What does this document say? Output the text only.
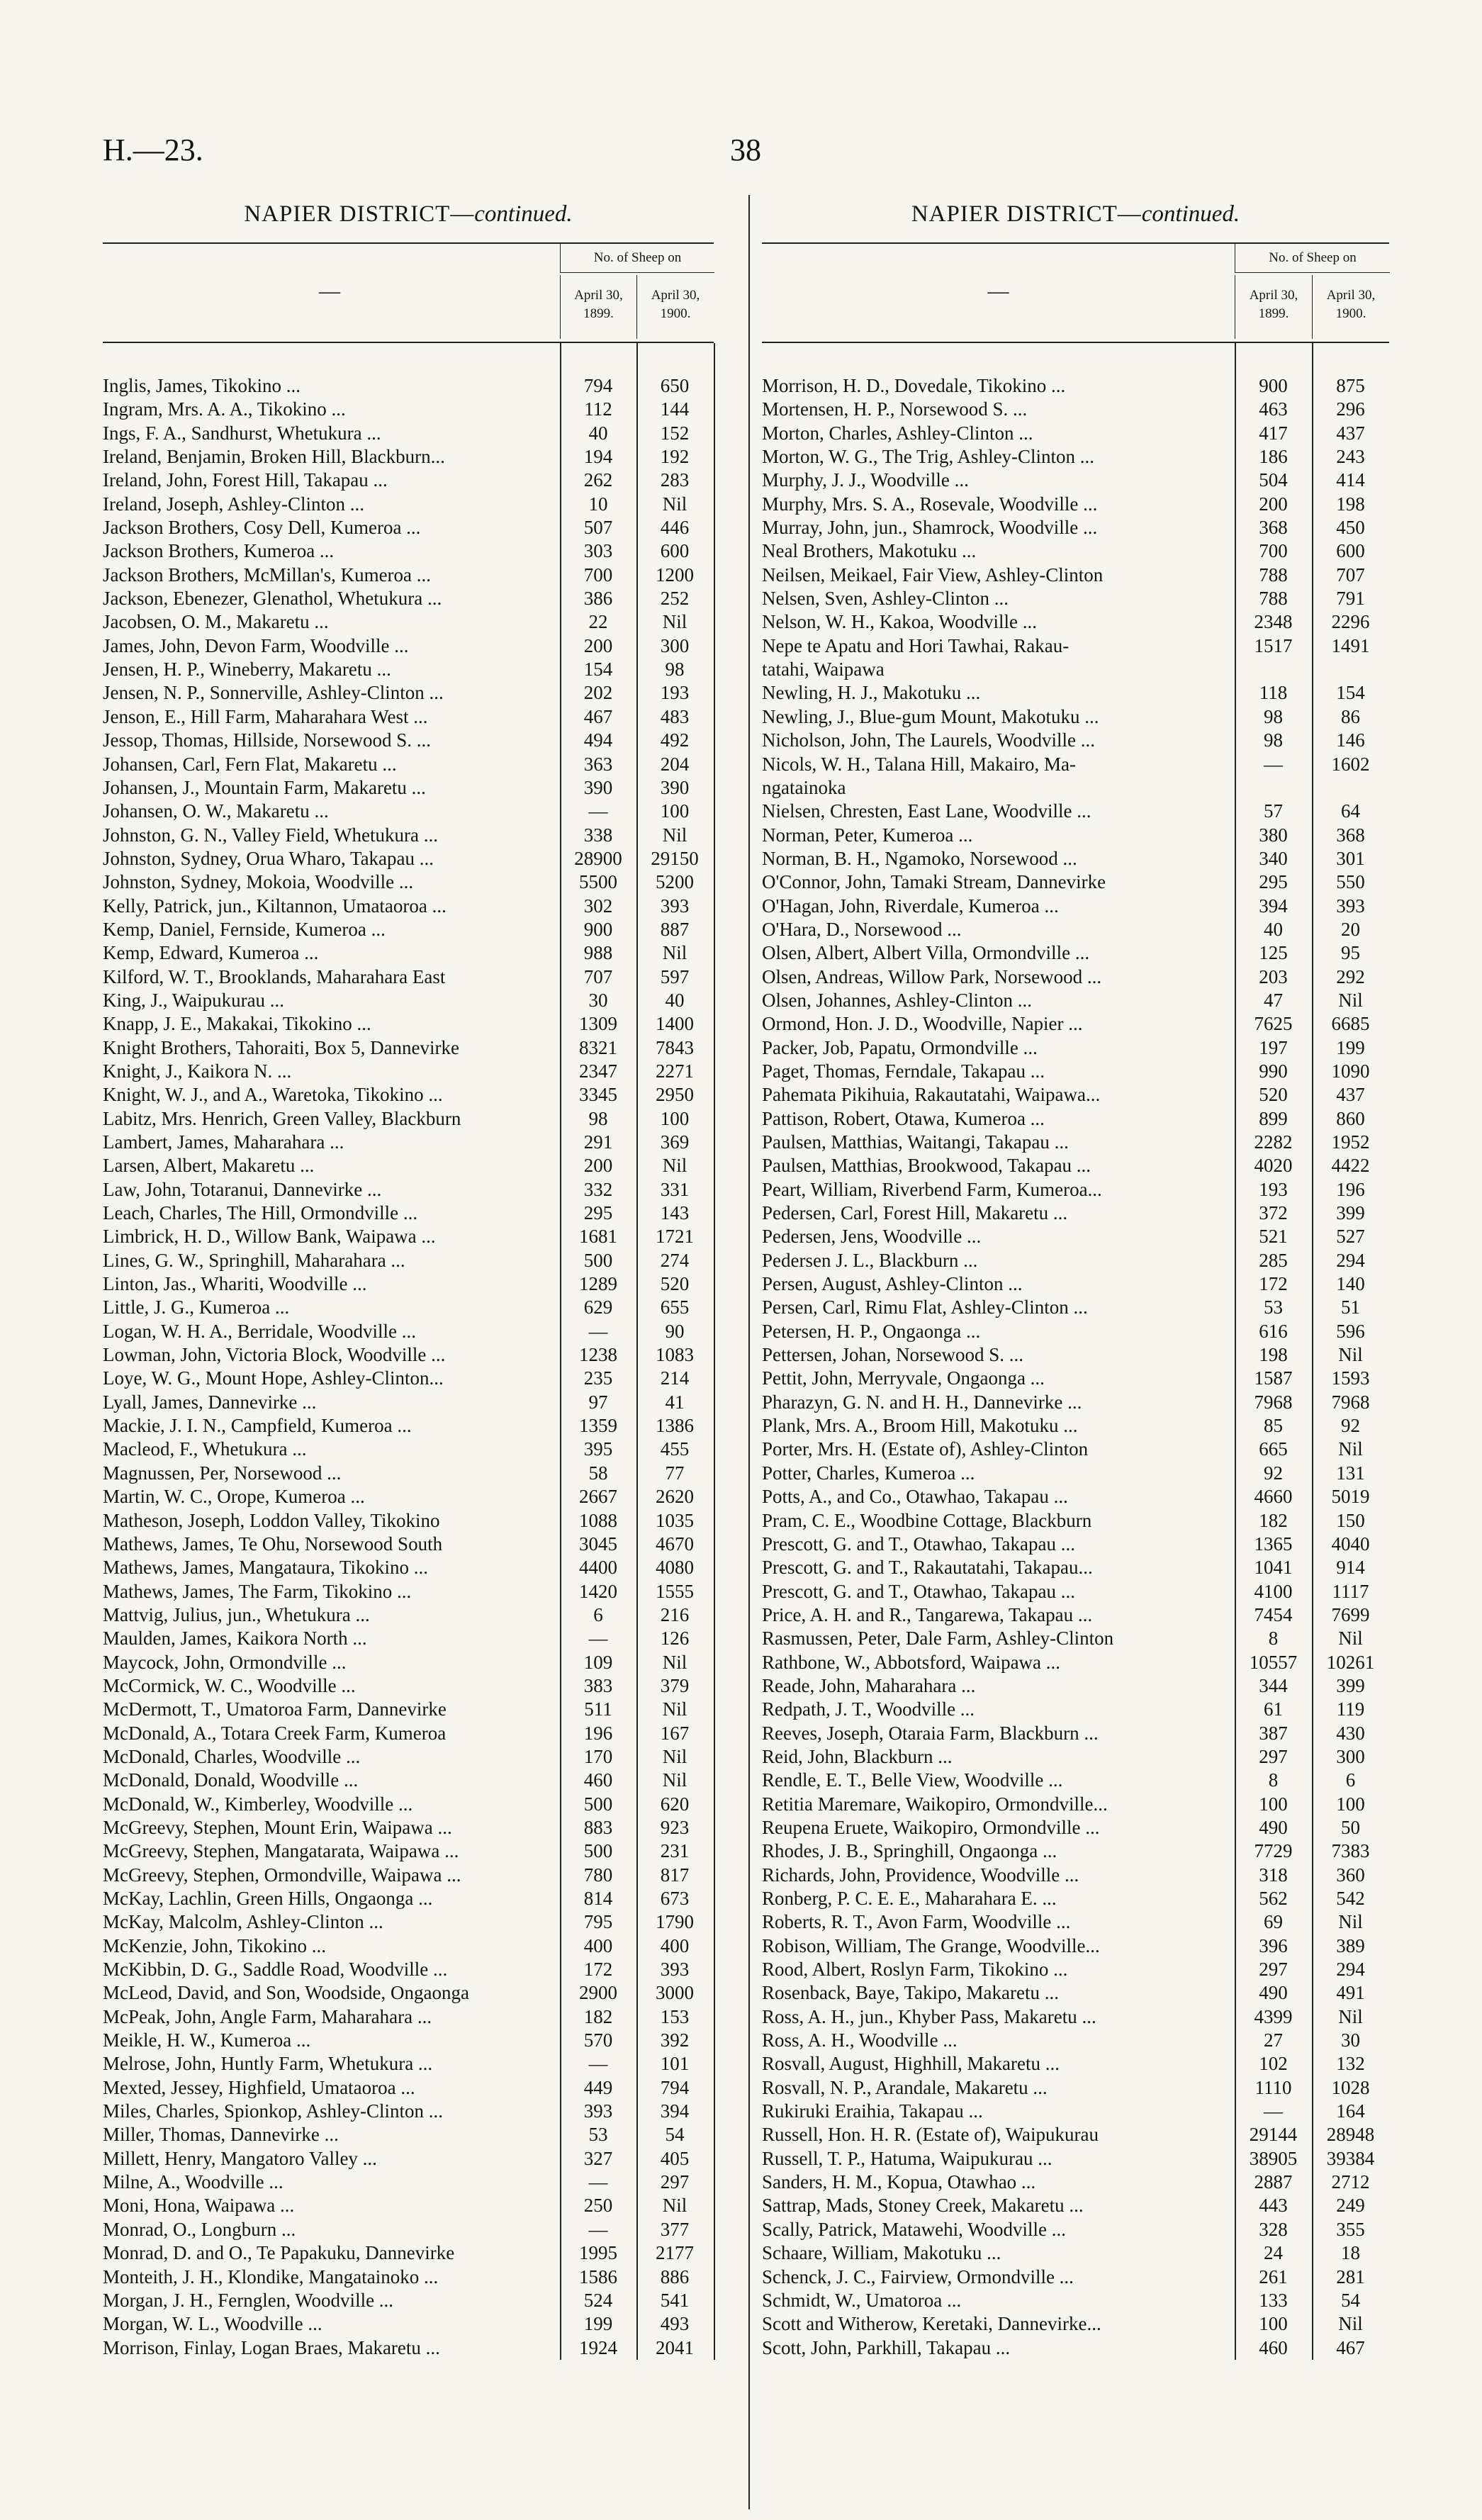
H.—23.	38
NAPIER DISTRICT—continued.
—
No. of Sheep on
April 30, 1899.
April 30, 1900.
Inglis, James, Tikokino ...	794	650
Ingram, Mrs. A. A., Tikokino ...	112	144
Ings, F. A., Sandhurst, Whetukura ...	40	152
Ireland, Benjamin, Broken Hill, Blackburn...	194	192
Ireland, John, Forest Hill, Takapau ...	262	283
Ireland, Joseph, Ashley-Clinton ...	10	Nil
Jackson Brothers, Cosy Dell, Kumeroa ...	507	446
Jackson Brothers, Kumeroa ...	303	600
Jackson Brothers, McMillan's, Kumeroa ...	700	1200
Jackson, Ebenezer, Glenathol, Whetukura ...	386	252
Jacobsen, O. M., Makaretu ...	22	Nil
James, John, Devon Farm, Woodville ...	200	300
Jensen, H. P., Wineberry, Makaretu ...	154	98
Jensen, N. P., Sonnerville, Ashley-Clinton ...	202	193
Jenson, E., Hill Farm, Maharahara West ...	467	483
Jessop, Thomas, Hillside, Norsewood S. ...	494	492
Johansen, Carl, Fern Flat, Makaretu ...	363	204
Johansen, J., Mountain Farm, Makaretu ...	390	390
Johansen, O. W., Makaretu ...	—	100
Johnston, G. N., Valley Field, Whetukura ...	338	Nil
Johnston, Sydney, Orua Wharo, Takapau ...	28900	29150
Johnston, Sydney, Mokoia, Woodville ...	5500	5200
Kelly, Patrick, jun., Kiltannon, Umataoroa ...	302	393
Kemp, Daniel, Fernside, Kumeroa ...	900	887
Kemp, Edward, Kumeroa ...	988	Nil
Kilford, W. T., Brooklands, Maharahara East	707	597
King, J., Waipukurau ...	30	40
Knapp, J. E., Makakai, Tikokino ...	1309	1400
Knight Brothers, Tahoraiti, Box 5, Dannevirke	8321	7843
Knight, J., Kaikora N. ...	2347	2271
Knight, W. J., and A., Waretoka, Tikokino ...	3345	2950
Labitz, Mrs. Henrich, Green Valley, Blackburn	98	100
Lambert, James, Maharahara ...	291	369
Larsen, Albert, Makaretu ...	200	Nil
Law, John, Totaranui, Dannevirke ...	332	331
Leach, Charles, The Hill, Ormondville ...	295	143
Limbrick, H. D., Willow Bank, Waipawa ...	1681	1721
Lines, G. W., Springhill, Maharahara ...	500	274
Linton, Jas., Whariti, Woodville ...	1289	520
Little, J. G., Kumeroa ...	629	655
Logan, W. H. A., Berridale, Woodville ...	—	90
Lowman, John, Victoria Block, Woodville ...	1238	1083
Loye, W. G., Mount Hope, Ashley-Clinton...	235	214
Lyall, James, Dannevirke ...	97	41
Mackie, J. I. N., Campfield, Kumeroa ...	1359	1386
Macleod, F., Whetukura ...	395	455
Magnussen, Per, Norsewood ...	58	77
Martin, W. C., Orope, Kumeroa ...	2667	2620
Matheson, Joseph, Loddon Valley, Tikokino	1088	1035
Mathews, James, Te Ohu, Norsewood South	3045	4670
Mathews, James, Mangataura, Tikokino ...	4400	4080
Mathews, James, The Farm, Tikokino ...	1420	1555
Mattvig, Julius, jun., Whetukura ...	6	216
Maulden, James, Kaikora North ...	—	126
Maycock, John, Ormondville ...	109	Nil
McCormick, W. C., Woodville ...	383	379
McDermott, T., Umatoroa Farm, Dannevirke	511	Nil
McDonald, A., Totara Creek Farm, Kumeroa	196	167
McDonald, Charles, Woodville ...	170	Nil
McDonald, Donald, Woodville ...	460	Nil
McDonald, W., Kimberley, Woodville ...	500	620
McGreevy, Stephen, Mount Erin, Waipawa ...	883	923
McGreevy, Stephen, Mangatarata, Waipawa ...	500	231
McGreevy, Stephen, Ormondville, Waipawa ...	780	817
McKay, Lachlin, Green Hills, Ongaonga ...	814	673
McKay, Malcolm, Ashley-Clinton ...	795	1790
McKenzie, John, Tikokino ...	400	400
McKibbin, D. G., Saddle Road, Woodville ...	172	393
McLeod, David, and Son, Woodside, Ongaonga	2900	3000
McPeak, John, Angle Farm, Maharahara ...	182	153
Meikle, H. W., Kumeroa ...	570	392
Melrose, John, Huntly Farm, Whetukura ...	—	101
Mexted, Jessey, Highfield, Umataoroa ...	449	794
Miles, Charles, Spionkop, Ashley-Clinton ...	393	394
Miller, Thomas, Dannevirke ...	53	54
Millett, Henry, Mangatoro Valley ...	327	405
Milne, A., Woodville ...	—	297
Moni, Hona, Waipawa ...	250	Nil
Monrad, O., Longburn ...	—	377
Monrad, D. and O., Te Papakuku, Dannevirke	1995	2177
Monteith, J. H., Klondike, Mangatainoko ...	1586	886
Morgan, J. H., Fernglen, Woodville ...	524	541
Morgan, W. L., Woodville ...	199	493
Morrison, Finlay, Logan Braes, Makaretu ...	1924	2041
NAPIER DISTRICT—continued.
—
No. of Sheep on
April 30, 1899.
April 30, 1900.
Morrison, H. D., Dovedale, Tikokino ...	900	875
Mortensen, H. P., Norsewood S. ...	463	296
Morton, Charles, Ashley-Clinton ...	417	437
Morton, W. G., The Trig, Ashley-Clinton ...	186	243
Murphy, J. J., Woodville ...	504	414
Murphy, Mrs. S. A., Rosevale, Woodville ...	200	198
Murray, John, jun., Shamrock, Woodville ...	368	450
Neal Brothers, Makotuku ...	700	600
Neilsen, Meikael, Fair View, Ashley-Clinton	788	707
Nelsen, Sven, Ashley-Clinton ...	788	791
Nelson, W. H., Kakoa, Woodville ...	2348	2296
Nepe te Apatu and Hori Tawhai, Rakau-	1517	1491
tatahi, Waipawa
Newling, H. J., Makotuku ...	118	154
Newling, J., Blue-gum Mount, Makotuku ...	98	86
Nicholson, John, The Laurels, Woodville ...	98	146
Nicols, W. H., Talana Hill, Makairo, Ma-	—	1602
ngatainoka
Nielsen, Chresten, East Lane, Woodville ...	57	64
Norman, Peter, Kumeroa ...	380	368
Norman, B. H., Ngamoko, Norsewood ...	340	301
O'Connor, John, Tamaki Stream, Dannevirke	295	550
O'Hagan, John, Riverdale, Kumeroa ...	394	393
O'Hara, D., Norsewood ...	40	20
Olsen, Albert, Albert Villa, Ormondville ...	125	95
Olsen, Andreas, Willow Park, Norsewood ...	203	292
Olsen, Johannes, Ashley-Clinton ...	47	Nil
Ormond, Hon. J. D., Woodville, Napier ...	7625	6685
Packer, Job, Papatu, Ormondville ...	197	199
Paget, Thomas, Ferndale, Takapau ...	990	1090
Pahemata Pikihuia, Rakautatahi, Waipawa...	520	437
Pattison, Robert, Otawa, Kumeroa ...	899	860
Paulsen, Matthias, Waitangi, Takapau ...	2282	1952
Paulsen, Matthias, Brookwood, Takapau ...	4020	4422
Peart, William, Riverbend Farm, Kumeroa...	193	196
Pedersen, Carl, Forest Hill, Makaretu ...	372	399
Pedersen, Jens, Woodville ...	521	527
Pedersen J. L., Blackburn ...	285	294
Persen, August, Ashley-Clinton ...	172	140
Persen, Carl, Rimu Flat, Ashley-Clinton ...	53	51
Petersen, H. P., Ongaonga ...	616	596
Pettersen, Johan, Norsewood S. ...	198	Nil
Pettit, John, Merryvale, Ongaonga ...	1587	1593
Pharazyn, G. N. and H. H., Dannevirke ...	7968	7968
Plank, Mrs. A., Broom Hill, Makotuku ...	85	92
Porter, Mrs. H. (Estate of), Ashley-Clinton	665	Nil
Potter, Charles, Kumeroa ...	92	131
Potts, A., and Co., Otawhao, Takapau ...	4660	5019
Pram, C. E., Woodbine Cottage, Blackburn	182	150
Prescott, G. and T., Otawhao, Takapau ...	1365	4040
Prescott, G. and T., Rakautatahi, Takapau...	1041	914
Prescott, G. and T., Otawhao, Takapau ...	4100	1117
Price, A. H. and R., Tangarewa, Takapau ...	7454	7699
Rasmussen, Peter, Dale Farm, Ashley-Clinton	8	Nil
Rathbone, W., Abbotsford, Waipawa ...	10557	10261
Reade, John, Maharahara ...	344	399
Redpath, J. T., Woodville ...	61	119
Reeves, Joseph, Otaraia Farm, Blackburn ...	387	430
Reid, John, Blackburn ...	297	300
Rendle, E. T., Belle View, Woodville ...	8	6
Retitia Maremare, Waikopiro, Ormondville...	100	100
Reupena Eruete, Waikopiro, Ormondville ...	490	50
Rhodes, J. B., Springhill, Ongaonga ...	7729	7383
Richards, John, Providence, Woodville ...	318	360
Ronberg, P. C. E. E., Maharahara E. ...	562	542
Roberts, R. T., Avon Farm, Woodville ...	69	Nil
Robison, William, The Grange, Woodville...	396	389
Rood, Albert, Roslyn Farm, Tikokino ...	297	294
Rosenback, Baye, Takipo, Makaretu ...	490	491
Ross, A. H., jun., Khyber Pass, Makaretu ...	4399	Nil
Ross, A. H., Woodville ...	27	30
Rosvall, August, Highhill, Makaretu ...	102	132
Rosvall, N. P., Arandale, Makaretu ...	1110	1028
Rukiruki Eraihia, Takapau ...	—	164
Russell, Hon. H. R. (Estate of), Waipukurau	29144	28948
Russell, T. P., Hatuma, Waipukurau ...	38905	39384
Sanders, H. M., Kopua, Otawhao ...	2887	2712
Sattrap, Mads, Stoney Creek, Makaretu ...	443	249
Scally, Patrick, Matawehi, Woodville ...	328	355
Schaare, William, Makotuku ...	24	18
Schenck, J. C., Fairview, Ormondville ...	261	281
Schmidt, W., Umatoroa ...	133	54
Scott and Witherow, Keretaki, Dannevirke...	100	Nil
Scott, John, Parkhill, Takapau ...	460	467
